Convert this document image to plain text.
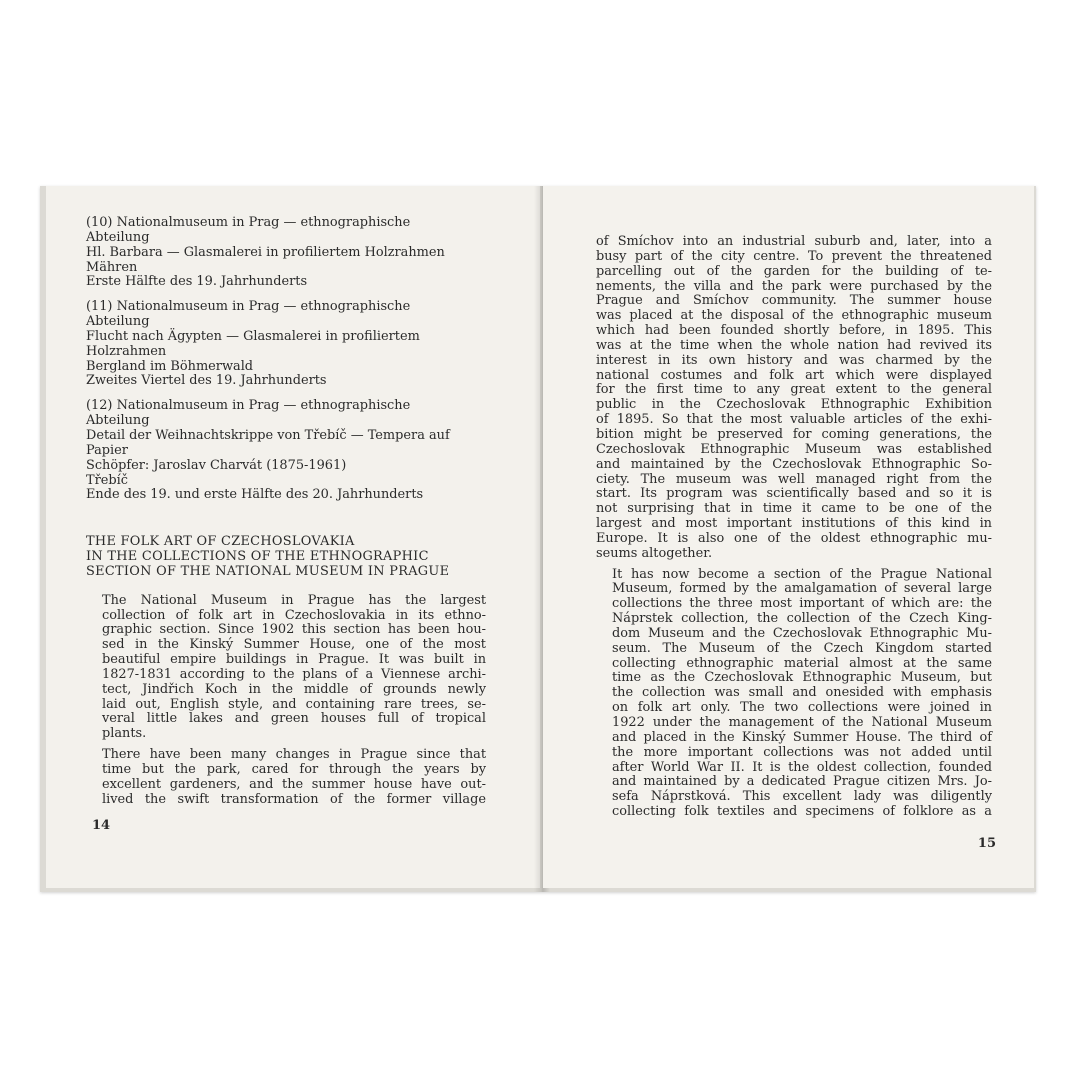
(10) Nationalmuseum in Prag — ethnographische
Abteilung
Hl. Barbara — Glasmalerei in profiliertem Holzrahmen
Mähren
Erste Hälfte des 19. Jahrhunderts
(11) Nationalmuseum in Prag — ethnographische
Abteilung
Flucht nach Ägypten — Glasmalerei in profiliertem
Holzrahmen
Bergland im Böhmerwald
Zweites Viertel des 19. Jahrhunderts
(12) Nationalmuseum in Prag — ethnographische
Abteilung
Detail der Weihnachtskrippe von Třebíč — Tempera auf
Papier
Schöpfer: Jaroslav Charvát (1875-1961)
Třebíč
Ende des 19. und erste Hälfte des 20. Jahrhunderts
THE FOLK ART OF CZECHOSLOVAKIA
IN THE COLLECTIONS OF THE ETHNOGRAPHIC
SECTION OF THE NATIONAL MUSEUM IN PRAGUE

The National Museum in Prague has the largest
collection of folk art in Czechoslovakia in its ethno-
graphic section. Since 1902 this section has been hou-
sed in the Kinský Summer House, one of the most
beautiful empire buildings in Prague. It was built in
1827-1831 according to the plans of a Viennese archi-
tect, Jindřich Koch in the middle of grounds newly
laid out, English style, and containing rare trees, se-
veral little lakes and green houses full of tropical
plants.

There have been many changes in Prague since that
time but the park, cared for through the years by
excellent gardeners, and the summer house have out-
lived the swift transformation of the former village

14

of Smíchov into an industrial suburb and, later, into a
busy part of the city centre. To prevent the threatened
parcelling out of the garden for the building of te-
nements, the villa and the park were purchased by the
Prague and Smíchov community. The summer house
was placed at the disposal of the ethnographic museum
which had been founded shortly before, in 1895. This
was at the time when the whole nation had revived its
interest in its own history and was charmed by the
national costumes and folk art which were displayed
for the first time to any great extent to the general
public in the Czechoslovak Ethnographic Exhibition
of 1895. So that the most valuable articles of the exhi-
bition might be preserved for coming generations, the
Czechoslovak Ethnographic Museum was established
and maintained by the Czechoslovak Ethnographic So-
ciety. The museum was well managed right from the
start. Its program was scientifically based and so it is
not surprising that in time it came to be one of the
largest and most important institutions of this kind in
Europe. It is also one of the oldest ethnographic mu-
seums altogether.

It has now become a section of the Prague National
Museum, formed by the amalgamation of several large
collections the three most important of which are: the
Náprstek collection, the collection of the Czech King-
dom Museum and the Czechoslovak Ethnographic Mu-
seum. The Museum of the Czech Kingdom started
collecting ethnographic material almost at the same
time as the Czechoslovak Ethnographic Museum, but
the collection was small and onesided with emphasis
on folk art only. The two collections were joined in
1922 under the management of the National Museum
and placed in the Kinský Summer House. The third of
the more important collections was not added until
after World War II. It is the oldest collection, founded
and maintained by a dedicated Prague citizen Mrs. Jo-
sefa Náprstková. This excellent lady was diligently
collecting folk textiles and specimens of folklore as a

15
